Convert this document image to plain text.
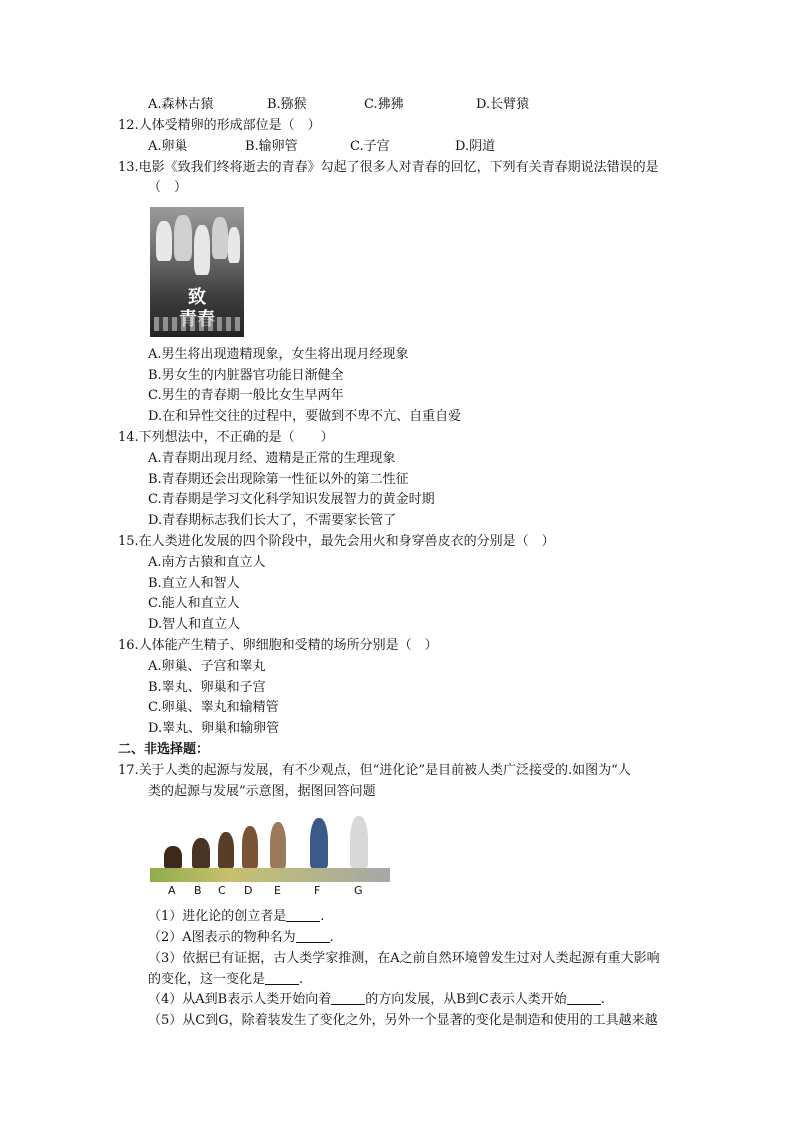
A.森林古猿	B.猕猴	C.狒狒	D.长臂猿
12.人体受精卵的形成部位是（　）
A.卵巢	B.输卵管	C.子宫	D.阴道
13.电影《致我们终将逝去的青春》勾起了很多人对青春的回忆，下列有关青春期说法错误的是
（　）
致
A.男生将出现遗精现象，女生将出现月经现象
B.男女生的内脏器官功能日渐健全
C.男生的青春期一般比女生早两年
D.在和异性交往的过程中，要做到不卑不亢、自重自爱
14.下列想法中，不正确的是（　　）
A.青春期出现月经、遗精是正常的生理现象
B.青春期还会出现除第一性征以外的第二性征
C.青春期是学习文化科学知识发展智力的黄金时期
D.青春期标志我们长大了，不需要家长管了
15.在人类进化发展的四个阶段中，最先会用火和身穿兽皮衣的分别是（　）
A.南方古猿和直立人
B.直立人和智人
C.能人和直立人
D.智人和直立人
16.人体能产生精子、卵细胞和受精的场所分别是（　）
A.卵巢、子宫和睾丸
B.睾丸、卵巢和子宫
C.卵巢、睾丸和输精管
D.睾丸、卵巢和输卵管
二、非选择题：
17.关于人类的起源与发展，有不少观点，但“进化论”是目前被人类广泛接受的.如图为“人
类的起源与发展”示意图，据图回答问题
A B C D E	F	G
（1）进化论的创立者是	.
（2）A图表示的物种名为	.
（3）依据已有证据，古人类学家推测，在A之前自然环境曾发生过对人类起源有重大影响
的变化，这一变化是	.
（4）从A到B表示人类开始向着	的方向发展，从B到C表示人类开始	.
（5）从C到G，除着装发生了变化之外，另外一个显著的变化是制造和使用的工具越来越
